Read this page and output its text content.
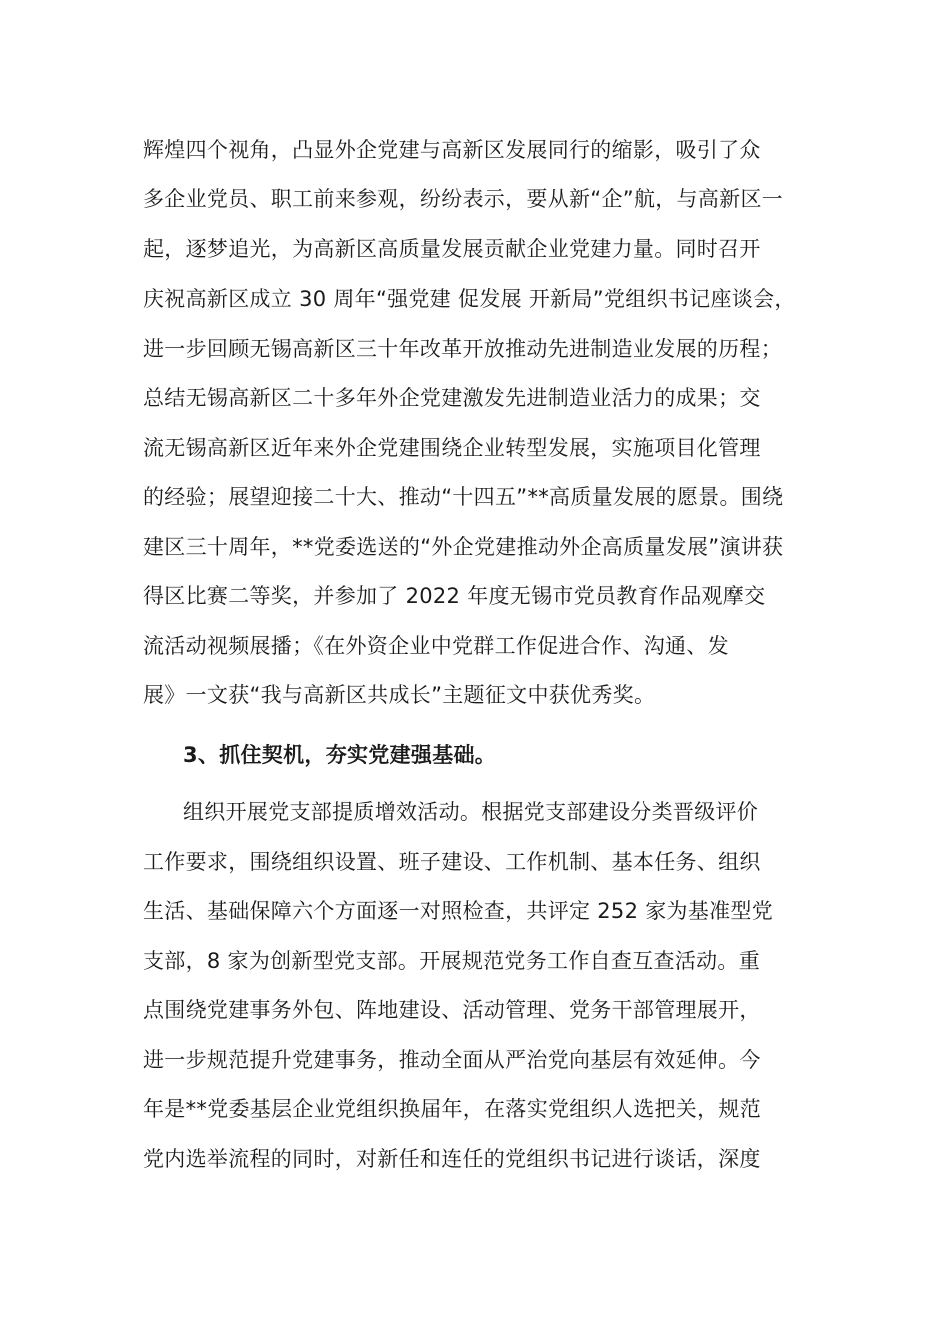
辉煌四个视角，凸显外企党建与高新区发展同行的缩影，吸引了众
多企业党员、职工前来参观，纷纷表示，要从新“企”航，与高新区一
起，逐梦追光，为高新区高质量发展贡献企业党建力量。同时召开
庆祝高新区成立 30 周年“强党建 促发展 开新局”党组织书记座谈会，
进一步回顾无锡高新区三十年改革开放推动先进制造业发展的历程；
总结无锡高新区二十多年外企党建激发先进制造业活力的成果；交
流无锡高新区近年来外企党建围绕企业转型发展，实施项目化管理
的经验；展望迎接二十大、推动“十四五”**高质量发展的愿景。围绕
建区三十周年，**党委选送的“外企党建推动外企高质量发展”演讲获
得区比赛二等奖，并参加了 2022 年度无锡市党员教育作品观摩交
流活动视频展播；《在外资企业中党群工作促进合作、沟通、发
展》一文获“我与高新区共成长”主题征文中获优秀奖。
3、抓住契机，夯实党建强基础。
组织开展党支部提质增效活动。根据党支部建设分类晋级评价
工作要求，围绕组织设置、班子建设、工作机制、基本任务、组织
生活、基础保障六个方面逐一对照检查，共评定 252 家为基准型党
支部，8 家为创新型党支部。开展规范党务工作自查互查活动。重
点围绕党建事务外包、阵地建设、活动管理、党务干部管理展开，
进一步规范提升党建事务，推动全面从严治党向基层有效延伸。今
年是**党委基层企业党组织换届年，在落实党组织人选把关，规范
党内选举流程的同时，对新任和连任的党组织书记进行谈话，深度
